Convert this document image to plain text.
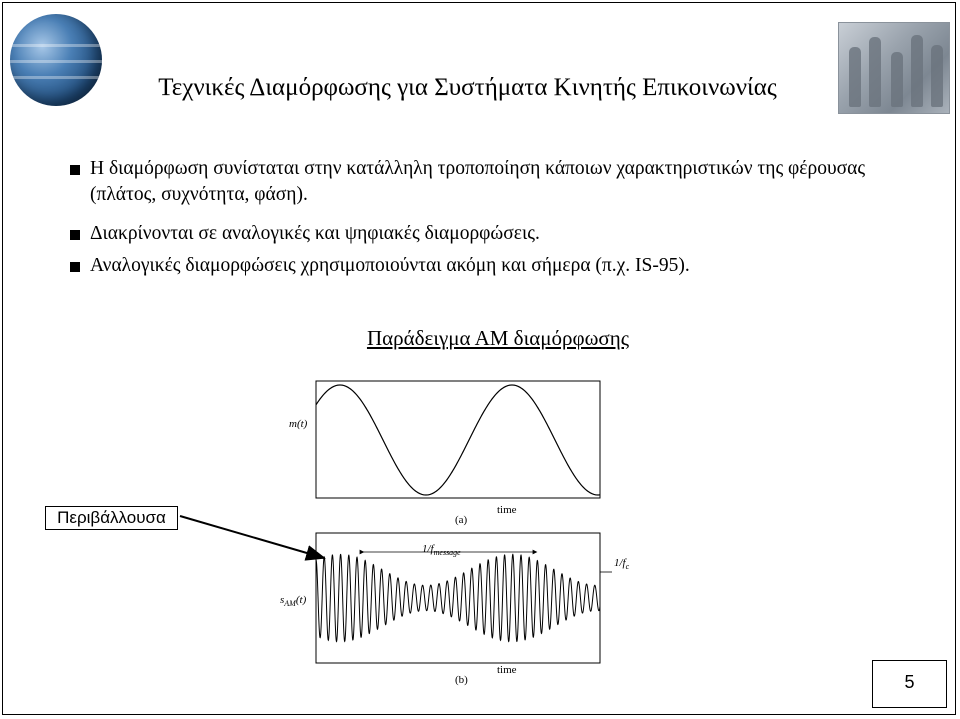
Τεχνικές Διαμόρφωσης για Συστήματα Κινητής Επικοινωνίας
Η διαμόρφωση συνίσταται στην κατάλληλη τροποποίηση κάποιων χαρακτηριστικών της φέρουσας (πλάτος, συχνότητα, φάση).
Διακρίνονται σε αναλογικές και ψηφιακές διαμορφώσεις.
Αναλογικές διαμορφώσεις χρησιμοποιούνται ακόμη και σήμερα (π.χ. IS-95).
Παράδειγμα ΑΜ διαμόρφωσης
m(t)
time
(a)
$s_{AM}(t)$
time
(b)
$1/f_{message}$
$1/f_c$
Περιβάλλουσα
5
